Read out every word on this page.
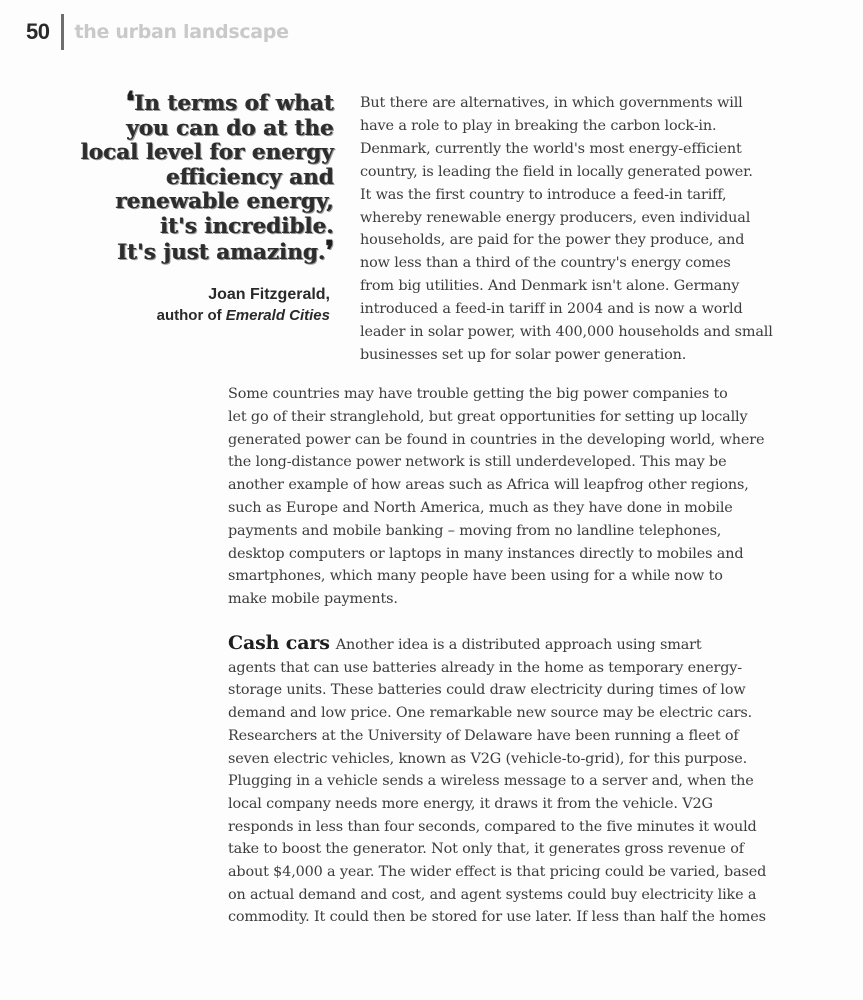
50 the urban landscape
❛In terms of what
you can do at the
local level for energy
efficiency and
renewable energy,
it's incredible.
It's just amazing.❜
Joan Fitzgerald,
author of Emerald Cities

But there are alternatives, in which governments will
have a role to play in breaking the carbon lock-in.
Denmark, currently the world's most energy-efficient
country, is leading the field in locally generated power.
It was the first country to introduce a feed-in tariff,
whereby renewable energy producers, even individual
households, are paid for the power they produce, and
now less than a third of the country's energy comes
from big utilities. And Denmark isn't alone. Germany
introduced a feed-in tariff in 2004 and is now a world
leader in solar power, with 400,000 households and small
businesses set up for solar power generation.

Some countries may have trouble getting the big power companies to
let go of their stranglehold, but great opportunities for setting up locally
generated power can be found in countries in the developing world, where
the long-distance power network is still underdeveloped. This may be
another example of how areas such as Africa will leapfrog other regions,
such as Europe and North America, much as they have done in mobile
payments and mobile banking – moving from no landline telephones,
desktop computers or laptops in many instances directly to mobiles and
smartphones, which many people have been using for a while now to
make mobile payments.

Cash cars Another idea is a distributed approach using smart
agents that can use batteries already in the home as temporary energy-
storage units. These batteries could draw electricity during times of low
demand and low price. One remarkable new source may be electric cars.
Researchers at the University of Delaware have been running a fleet of
seven electric vehicles, known as V2G (vehicle-to-grid), for this purpose.
Plugging in a vehicle sends a wireless message to a server and, when the
local company needs more energy, it draws it from the vehicle. V2G
responds in less than four seconds, compared to the five minutes it would
take to boost the generator. Not only that, it generates gross revenue of
about $4,000 a year. The wider effect is that pricing could be varied, based
on actual demand and cost, and agent systems could buy electricity like a
commodity. It could then be stored for use later. If less than half the homes
